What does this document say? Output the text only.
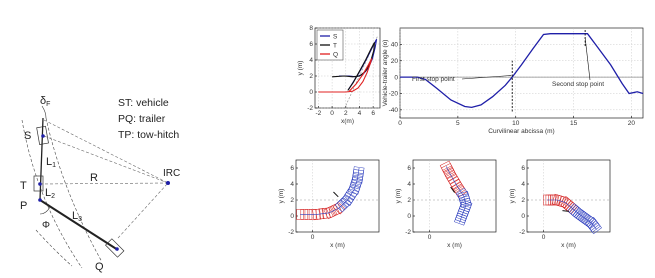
S
T
P
Q
R	IRC
Φ
L1
L2
L3
δF	ST: vehicle
PQ: trailer
TP: tow-hitch
-2 0 2 4 6
-2
0
2
4
6
8
x(m)
y (m)
S
T
Q
0	5	10	15	20
-40
-20
0
20
40
Curvilinear abcissa (m)
Vehicle-trailer angle (o)	First stop point
Second stop point
0
-2
0
2
4
6
x (m)
y (m)
0
-2
0
2
4
6
x (m)
y (m)
0
-2
0
2
4
6
x (m)
y (m)
